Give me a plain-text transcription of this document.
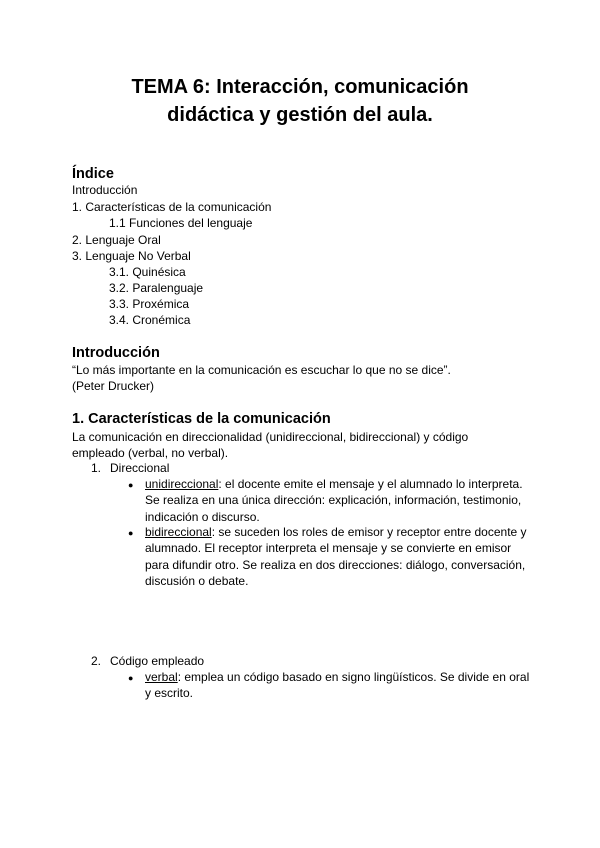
TEMA 6: Interacción, comunicación
didáctica y gestión del aula.
Índice
Introducción
1. Características de la comunicación
1.1 Funciones del lenguaje
2. Lenguaje Oral
3. Lenguaje No Verbal
3.1. Quinésica
3.2. Paralenguaje
3.3. Proxémica
3.4. Cronémica
Introducción
“Lo más importante en la comunicación es escuchar lo que no se dice”. (Peter Drucker)
1. Características de la comunicación
La comunicación en direccionalidad (unidireccional, bidireccional) y código empleado (verbal, no verbal).
1. Direccional
● unidireccional: el docente emite el mensaje y el alumnado lo interpreta. Se realiza en una única dirección: explicación, información, testimonio, indicación o discurso.
● bidireccional: se suceden los roles de emisor y receptor entre docente y alumnado. El receptor interpreta el mensaje y se convierte en emisor para difundir otro. Se realiza en dos direcciones: diálogo, conversación, discusión o debate.
2. Código empleado
● verbal: emplea un código basado en signo lingüísticos. Se divide en oral y escrito.
